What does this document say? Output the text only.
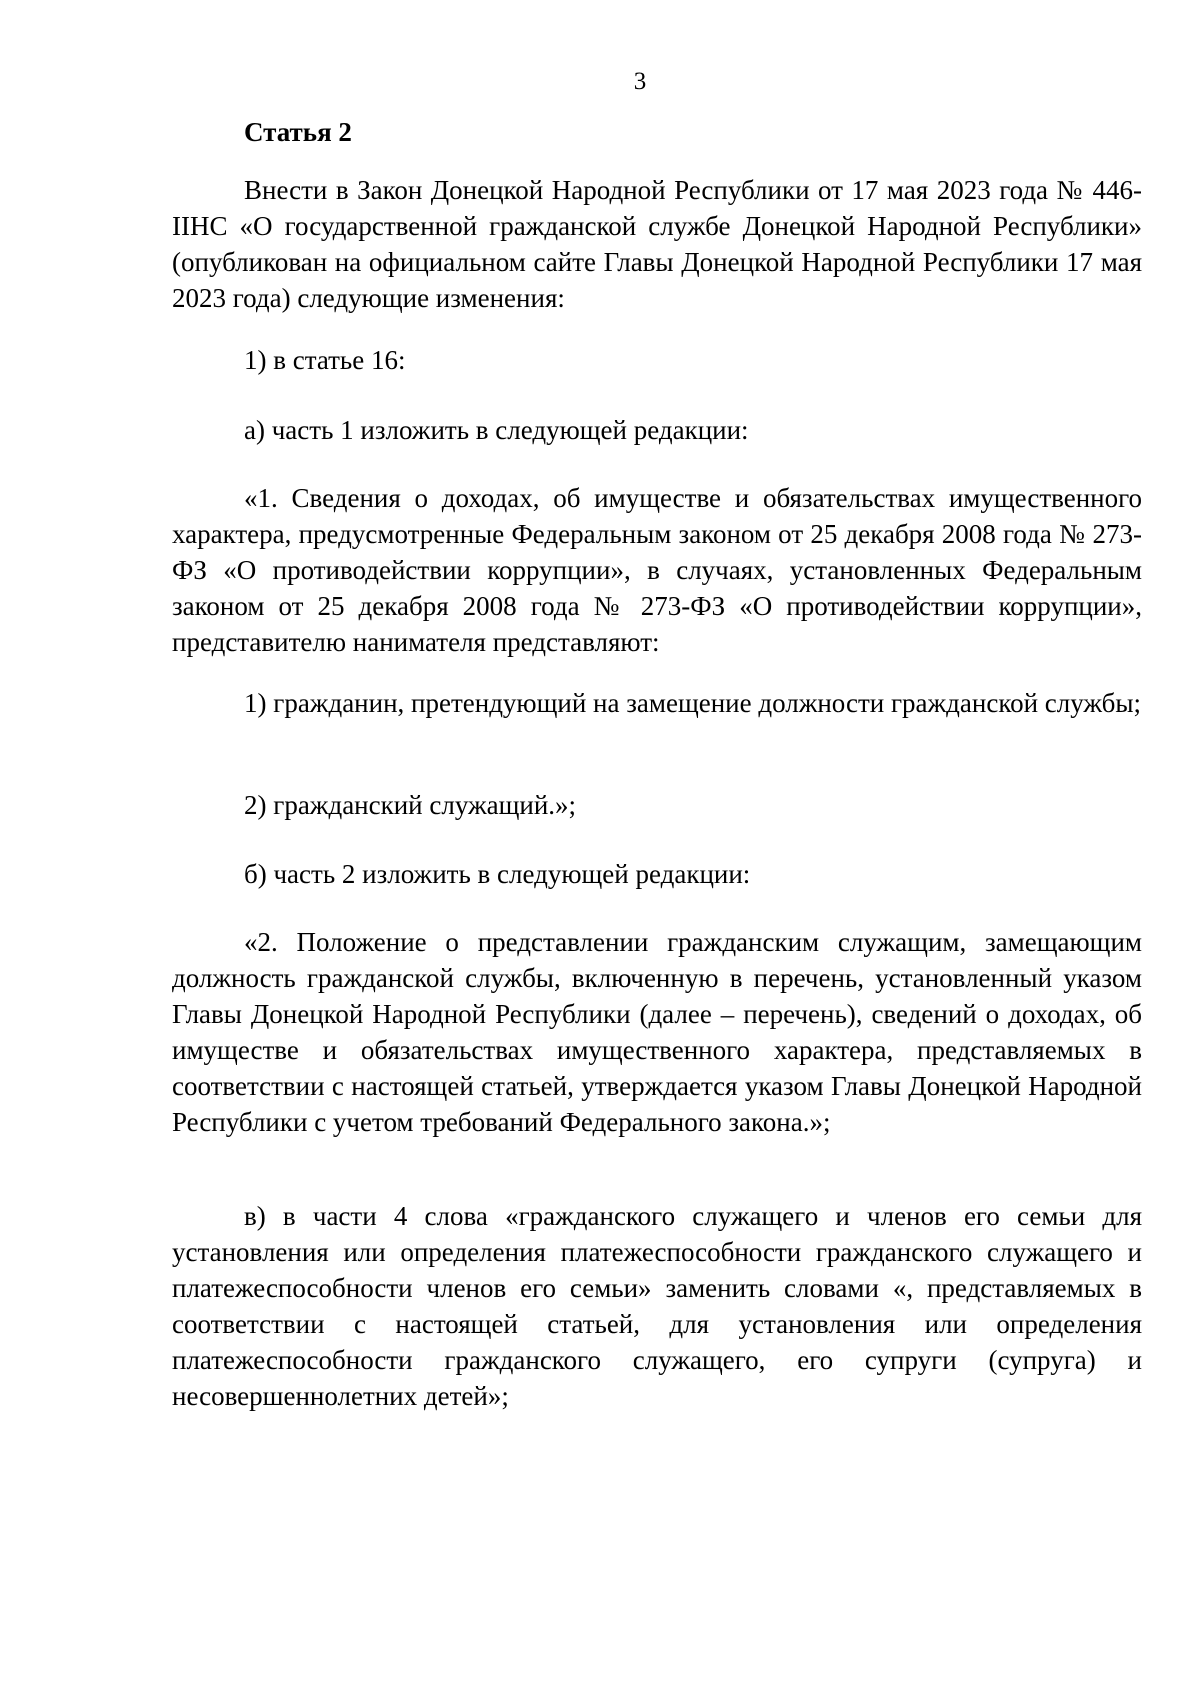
3
Статья 2

Внести в Закон Донецкой Народной Республики от 17 мая 2023 года № 446-IIНС «О государственной гражданской службе Донецкой Народной Республики» (опубликован на официальном сайте Главы Донецкой Народной Республики 17 мая 2023 года) следующие изменения:

1) в статье 16:

а) часть 1 изложить в следующей редакции:

«1. Сведения о доходах, об имуществе и обязательствах имущественного характера, предусмотренные Федеральным законом от 25 декабря 2008 года № 273-ФЗ «О противодействии коррупции», в случаях, установленных Федеральным законом от 25 декабря 2008 года № 273-ФЗ «О противодействии коррупции», представителю нанимателя представляют:

1) гражданин, претендующий на замещение должности гражданской службы;

2) гражданский служащий.»;

б) часть 2 изложить в следующей редакции:

«2. Положение о представлении гражданским служащим, замещающим должность гражданской службы, включенную в перечень, установленный указом Главы Донецкой Народной Республики (далее – перечень), сведений о доходах, об имуществе и обязательствах имущественного характера, представляемых в соответствии с настоящей статьей, утверждается указом Главы Донецкой Народной Республики с учетом требований Федерального закона.»;

в) в части 4 слова «гражданского служащего и членов его семьи для установления или определения платежеспособности гражданского служащего и платежеспособности членов его семьи» заменить словами «, представляемых в соответствии с настоящей статьей, для установления или определения платежеспособности гражданского служащего, его супруги (супруга) и несовершеннолетних детей»;
